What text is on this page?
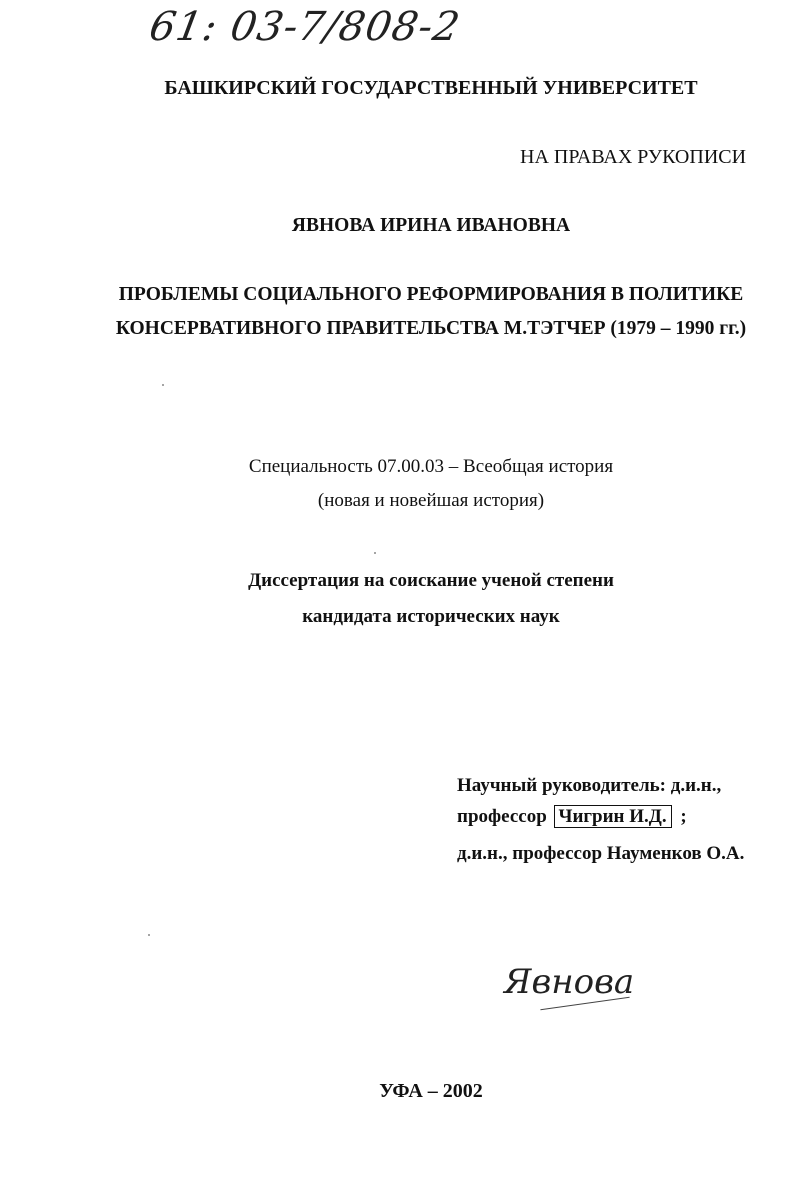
61: 03-7/808-2
БАШКИРСКИЙ ГОСУДАРСТВЕННЫЙ УНИВЕРСИТЕТ
НА ПРАВАХ РУКОПИСИ
ЯВНОВА ИРИНА ИВАНОВНА
ПРОБЛЕМЫ СОЦИАЛЬНОГО РЕФОРМИРОВАНИЯ В ПОЛИТИКЕ
КОНСЕРВАТИВНОГО ПРАВИТЕЛЬСТВА М.ТЭТЧЕР (1979 – 1990 гг.)
Специальность 07.00.03 – Всеобщая история
(новая и новейшая история)
Диссертация на соискание ученой степени
кандидата исторических наук
Научный руководитель: д.и.н.,
профессор Чигрин И.Д. ;
д.и.н., профессор Науменков О.А.
Явнова
УФА – 2002
